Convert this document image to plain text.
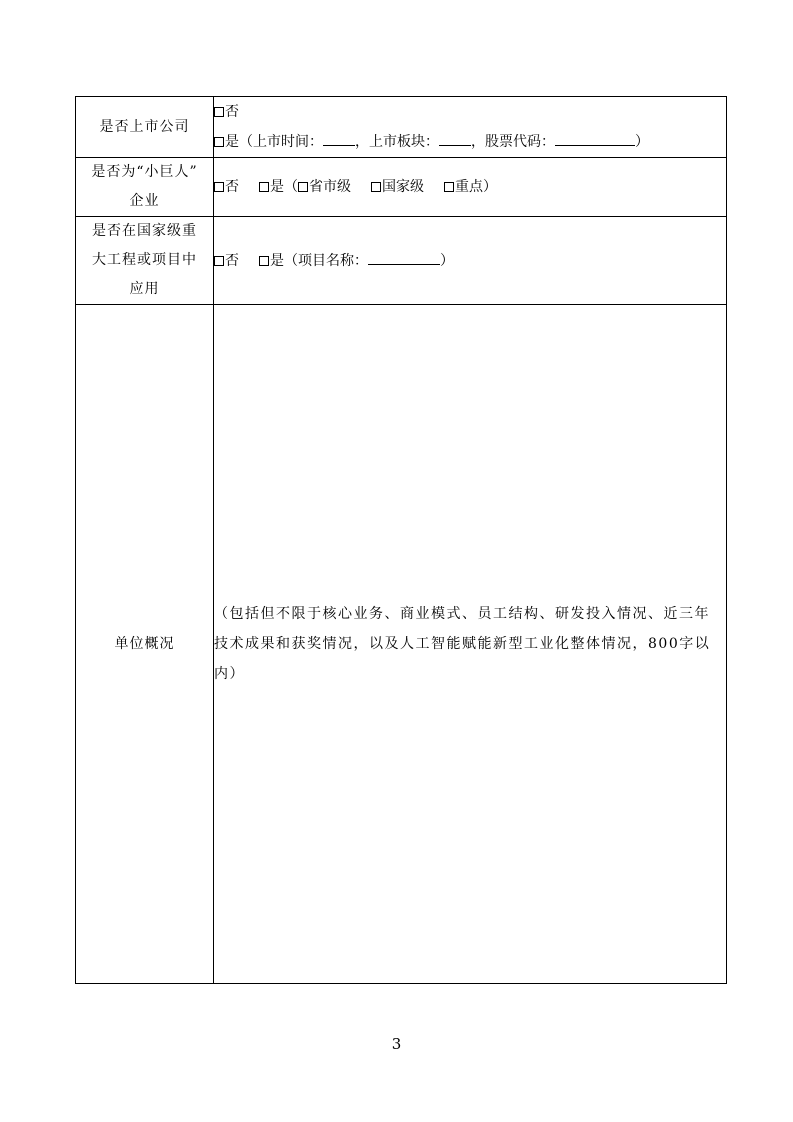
是否上市公司	否
是（上市时间： ，上市板块： ，股票代码： ）

是否为“小巨人”
企业	否 是（ 省市级 国家级 重点）

是否在国家级重
大工程或项目中
应用	否 是（项目名称： ）

单位概况	（包括但不限于核心业务、商业模式、员工结构、研发投入情况、近三年技术成果和获奖情况，以及人工智能赋能新型工业化整体情况，800字以内）
3
